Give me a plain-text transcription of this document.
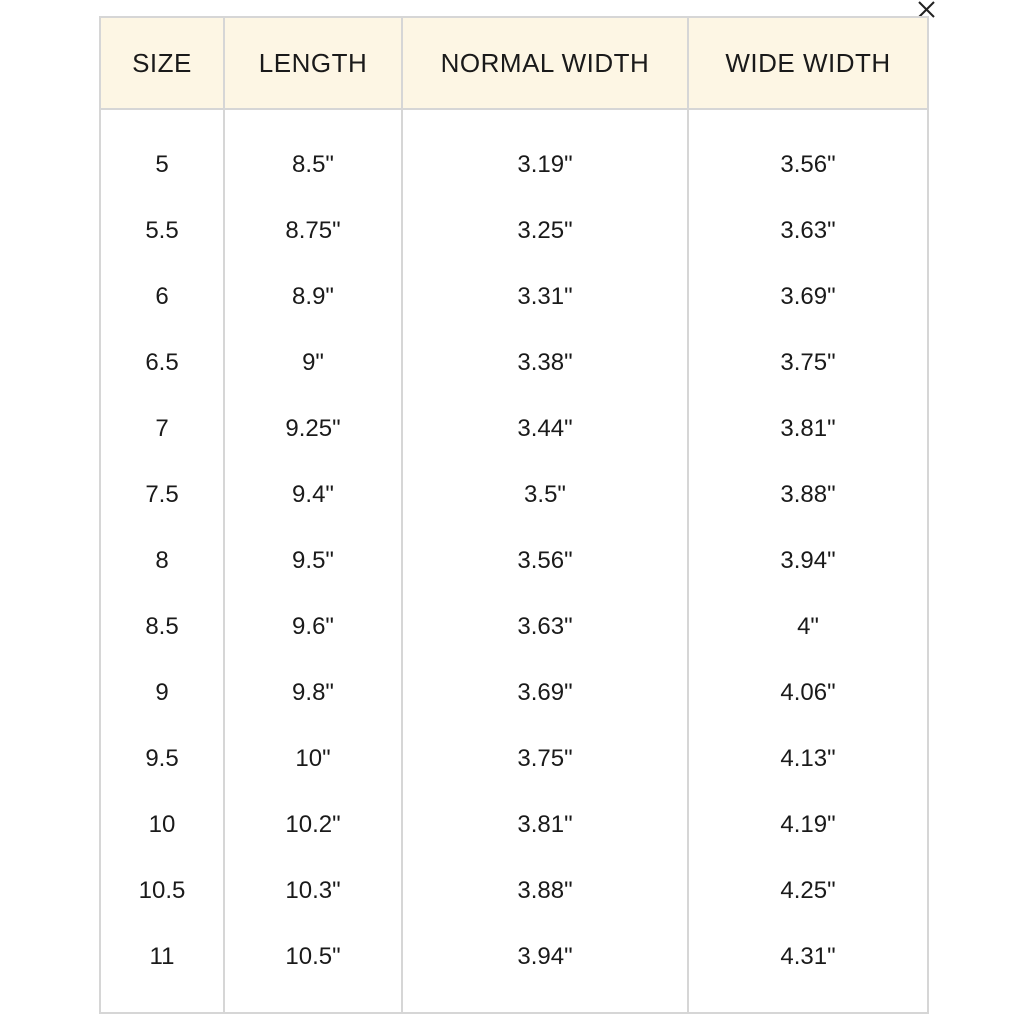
SIZE	LENGTH	NORMAL WIDTH	WIDE WIDTH

5	8.5"	3.19"	3.56"
5.5	8.75"	3.25"	3.63"
6	8.9"	3.31"	3.69"
6.5	9"	3.38"	3.75"
7	9.25"	3.44"	3.81"
7.5	9.4"	3.5"	3.88"
8	9.5"	3.56"	3.94"
8.5	9.6"	3.63"	4"
9	9.8"	3.69"	4.06"
9.5	10"	3.75"	4.13"
10	10.2"	3.81"	4.19"
10.5	10.3"	3.88"	4.25"
11	10.5"	3.94"	4.31"
